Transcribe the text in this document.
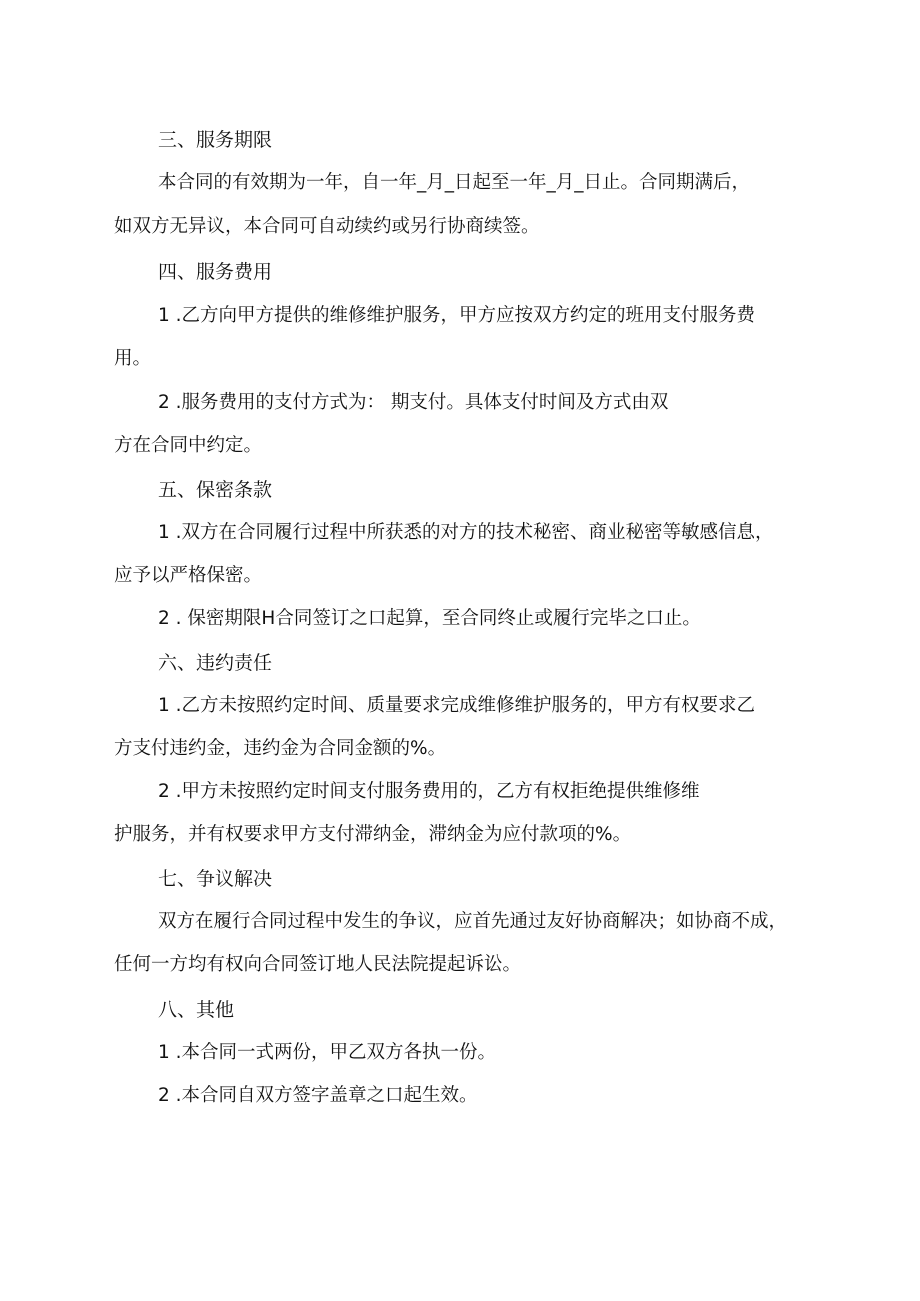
三、服务期限
本合同的有效期为一年，自一年_月_日起至一年_月_日止。合同期满后，
如双方无异议，本合同可自动续约或另行协商续签。
四、服务费用
1 .乙方向甲方提供的维修维护服务，甲方应按双方约定的班用支付服务费
用。
2 .服务费用的支付方式为： 期支付。具体支付时间及方式由双
方在合同中约定。
五、保密条款
1 .双方在合同履行过程中所获悉的对方的技术秘密、商业秘密等敏感信息，
应予以严格保密。
2 . 保密期限H合同签订之口起算，至合同终止或履行完毕之口止。
六、违约责任
1 .乙方未按照约定时间、质量要求完成维修维护服务的，甲方有权要求乙
方支付违约金，违约金为合同金额的%。
2 .甲方未按照约定时间支付服务费用的，乙方有权拒绝提供维修维
护服务，并有权要求甲方支付滞纳金，滞纳金为应付款项的%。
七、争议解决
双方在履行合同过程中发生的争议，应首先通过友好协商解决；如协商不成，
任何一方均有权向合同签订地人民法院提起诉讼。
八、其他
1 .本合同一式两份，甲乙双方各执一份。
2 .本合同自双方签字盖章之口起生效。
